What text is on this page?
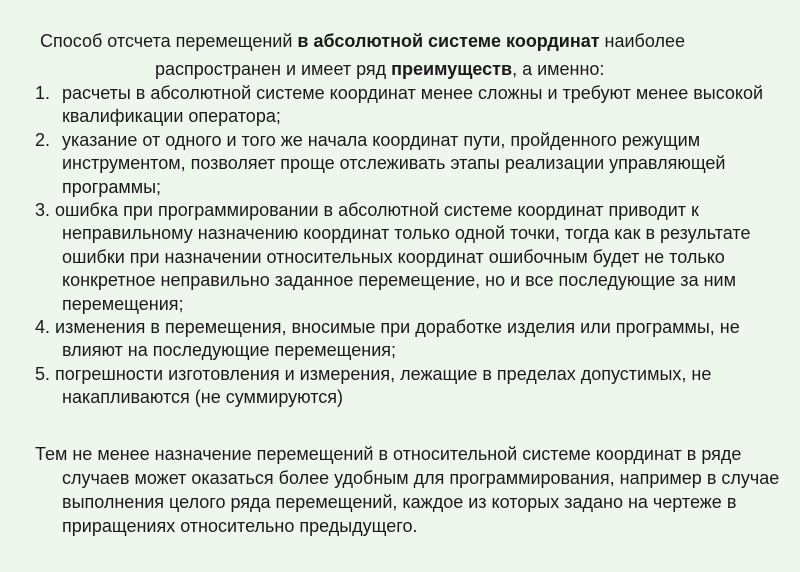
Способ отсчета перемещений в абсолютной системе координат наиболее
распространен и имеет ряд преимуществ, а именно:
1. расчеты в абсолютной системе координат менее сложны и требуют менее высокой квалификации оператора;
2. указание от одного и того же начала координат пути, пройденного режущим инструментом, позволяет проще отслеживать этапы реализации управляющей программы;
3. ошибка при программировании в абсолютной системе координат приводит к неправильному назначению координат только одной точки, тогда как в результате ошибки при назначении относительных координат ошибочным будет не только конкретное неправильно заданное перемещение, но и все последующие за ним перемещения;
4. изменения в перемещения, вносимые при доработке изделия или программы, не влияют на последующие перемещения;
5. погрешности изготовления и измерения, лежащие в пределах допустимых, не накапливаются (не суммируются)
Тем не менее назначение перемещений в относительной системе координат в ряде случаев может оказаться более удобным для программирования, например в случае выполнения целого ряда перемещений, каждое из которых задано на чертеже в приращениях относительно предыдущего.
